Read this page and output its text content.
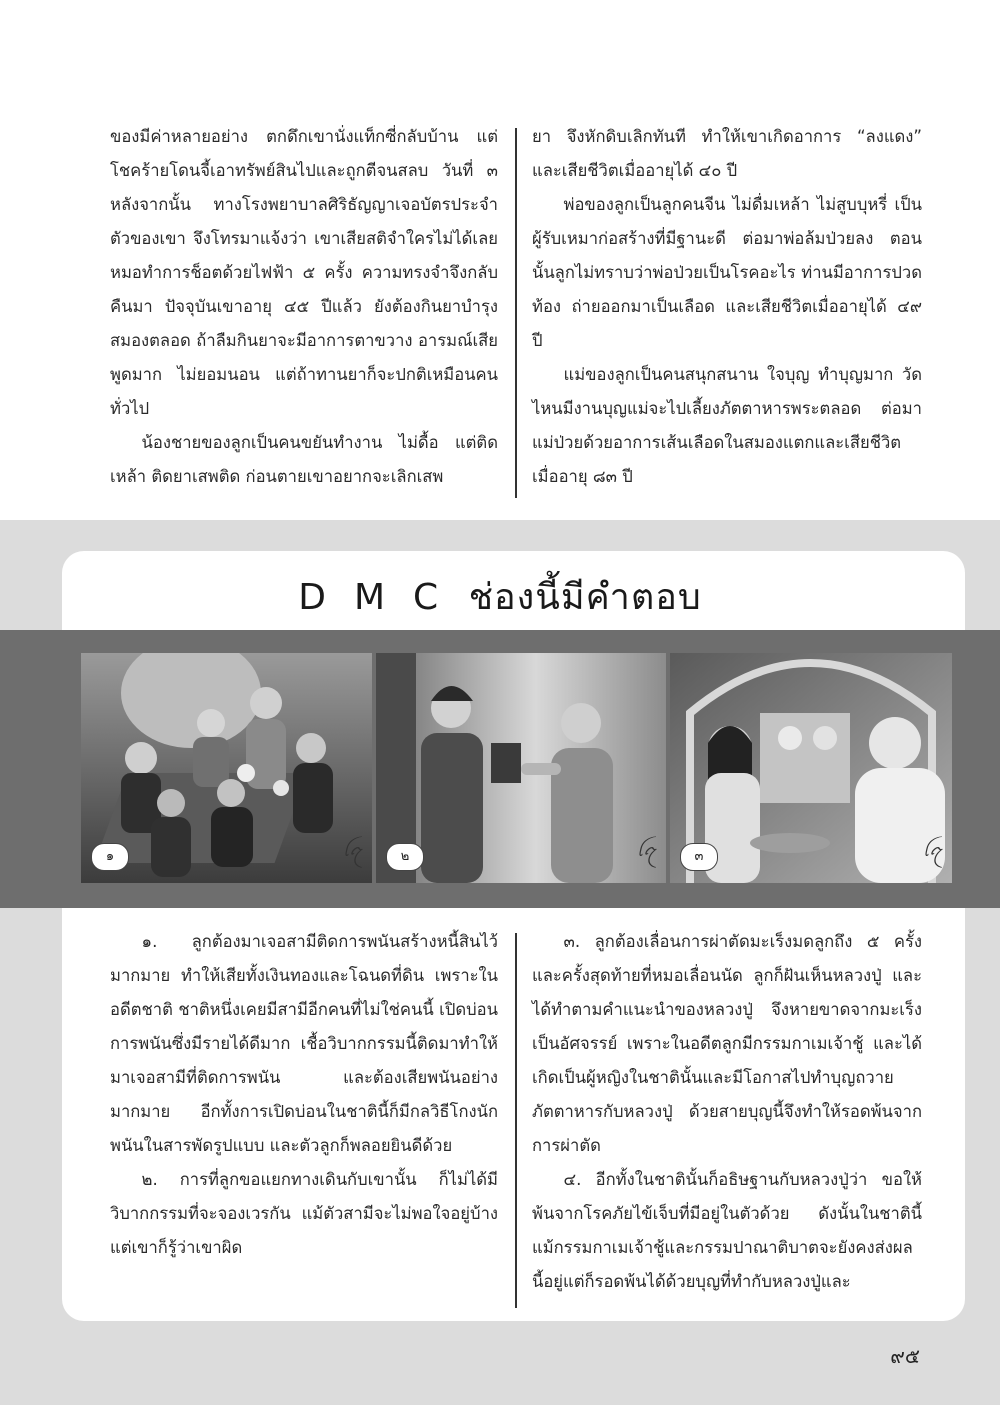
ของมีค่าหลายอย่าง ตกดึกเขานั่งแท็กซี่กลับบ้าน แต่โชคร้ายโดนจี้เอาทรัพย์สินไปและถูกตีจนสลบ วันที่ ๓ หลังจากนั้น ทางโรงพยาบาลศิริธัญญาเจอบัตรประจำตัวของเขา จึงโทรมาแจ้งว่า เขาเสียสติจำใครไม่ได้เลย หมอทำการช็อตด้วยไฟฟ้า ๕ ครั้ง ความทรงจำจึงกลับคืนมา ปัจจุบันเขาอายุ ๔๕ ปีแล้ว ยังต้องกินยาบำรุงสมองตลอด ถ้าลืมกินยาจะมีอาการตาขวาง อารมณ์เสีย พูดมาก ไม่ยอมนอน แต่ถ้าทานยาก็จะปกติเหมือนคนทั่วไป

น้องชายของลูกเป็นคนขยันทำงาน ไม่ดื้อ แต่ติดเหล้า ติดยาเสพติด ก่อนตายเขาอยากจะเลิกเสพ

ยา จึงหักดิบเลิกทันที ทำให้เขาเกิดอาการ “ลงแดง” และเสียชีวิตเมื่ออายุได้ ๔๐ ปี

พ่อของลูกเป็นลูกคนจีน ไม่ดื่มเหล้า ไม่สูบบุหรี่ เป็นผู้รับเหมาก่อสร้างที่มีฐานะดี ต่อมาพ่อล้มป่วยลง ตอนนั้นลูกไม่ทราบว่าพ่อป่วยเป็นโรคอะไร ท่านมีอาการปวดท้อง ถ่ายออกมาเป็นเลือด และเสียชีวิตเมื่ออายุได้ ๔๙ ปี

แม่ของลูกเป็นคนสนุกสนาน ใจบุญ ทำบุญมาก วัดไหนมีงานบุญแม่จะไปเลี้ยงภัตตาหารพระตลอด ต่อมาแม่ป่วยด้วยอาการเส้นเลือดในสมองแตกและเสียชีวิตเมื่ออายุ ๘๓ ปี

DMC ช่องนี้มีคำตอบ
๑	ꪶꪋ	๒	ꪶꪋ	๓	ꪶꪋ

๑. ลูกต้องมาเจอสามีติดการพนันสร้างหนี้สินไว้มากมาย ทำให้เสียทั้งเงินทองและโฉนดที่ดิน เพราะในอดีตชาติ ชาติหนึ่งเคยมีสามีอีกคนที่ไม่ใช่คนนี้ เปิดบ่อนการพนันซึ่งมีรายได้ดีมาก เชื้อวิบากกรรมนี้ติดมาทำให้มาเจอสามีที่ติดการพนัน และต้องเสียพนันอย่างมากมาย อีกทั้งการเปิดบ่อนในชาตินี้ก็มีกลวิธีโกงนักพนันในสารพัดรูปแบบ และตัวลูกก็พลอยยินดีด้วย

๒. การที่ลูกขอแยกทางเดินกับเขานั้น ก็ไม่ได้มีวิบากกรรมที่จะจองเวรกัน แม้ตัวสามีจะไม่พอใจอยู่บ้าง แต่เขาก็รู้ว่าเขาผิด

๓. ลูกต้องเลื่อนการผ่าตัดมะเร็งมดลูกถึง ๕ ครั้ง และครั้งสุดท้ายที่หมอเลื่อนนัด ลูกก็ฝันเห็นหลวงปู่ และได้ทำตามคำแนะนำของหลวงปู่ จึงหายขาดจากมะเร็งเป็นอัศจรรย์ เพราะในอดีตลูกมีกรรมกาเมเจ้าชู้ และได้เกิดเป็นผู้หญิงในชาตินั้นและมีโอกาสไปทำบุญถวายภัตตาหารกับหลวงปู่ ด้วยสายบุญนี้จึงทำให้รอดพ้นจากการผ่าตัด

๔. อีกทั้งในชาตินั้นก็อธิษฐานกับหลวงปู่ว่า ขอให้พ้นจากโรคภัยไข้เจ็บที่มีอยู่ในตัวด้วย ดังนั้นในชาตินี้ แม้กรรมกาเมเจ้าชู้และกรรมปาณาติบาตจะยังคงส่งผลนี้อยู่แต่ก็รอดพ้นได้ด้วยบุญที่ทำกับหลวงปู่และ

๙๕
